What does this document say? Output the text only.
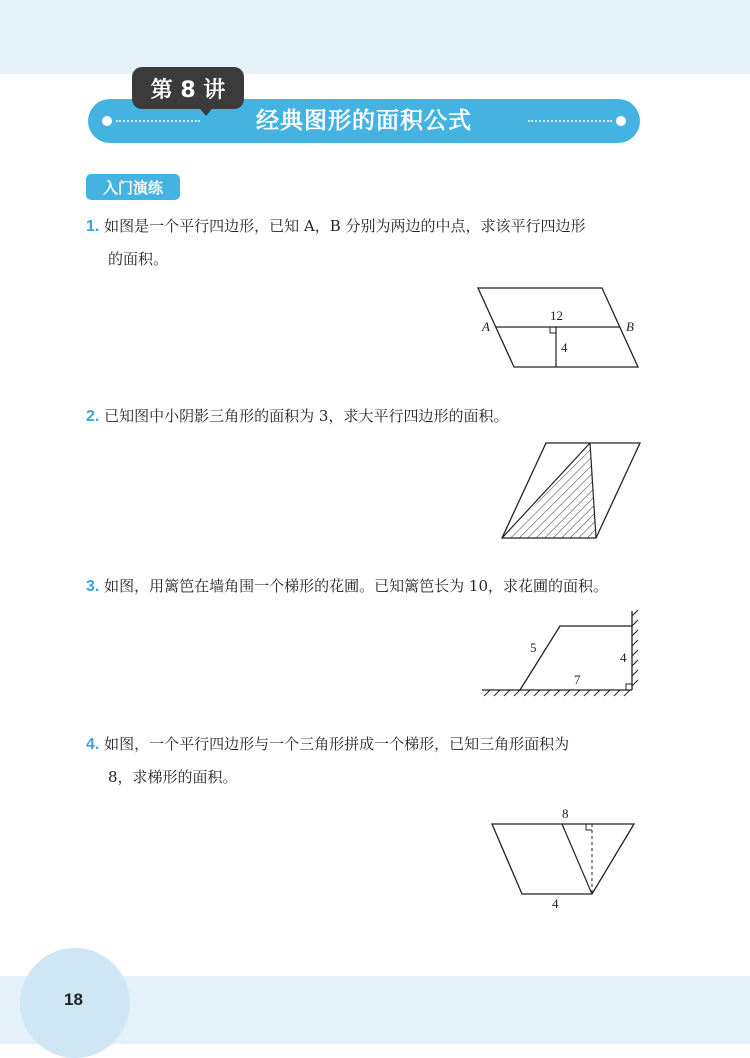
第 8 讲
经典图形的面积公式
入门演练
1. 如图是一个平行四边形，已知 A，B 分别为两边的中点，求该平行四边形
的面积。
12
4
A	B
2. 已知图中小阴影三角形的面积为 3，求大平行四边形的面积。
3. 如图，用篱笆在墙角围一个梯形的花圃。已知篱笆长为 10，求花圃的面积。
5
4
7
4. 如图，一个平行四边形与一个三角形拼成一个梯形，已知三角形面积为
8，求梯形的面积。
8
4
18
